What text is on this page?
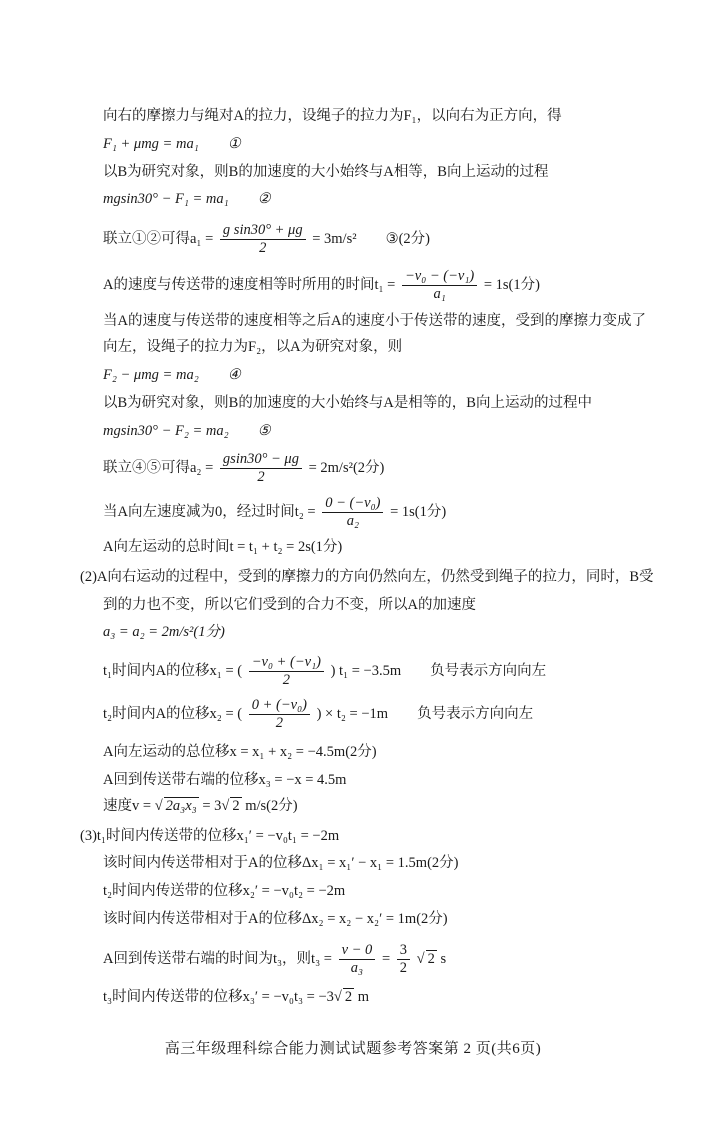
向右的摩擦力与绳对A的拉力，设绳子的拉力为F₁，以向右为正方向，得
F₁ + μmg = ma₁  ①
以B为研究对象，则B的加速度的大小始终与A相等，B向上运动的过程
mgsin30° − F₁ = ma₁  ②
联立①②可得$a_1 = \frac{\text{g sin30° + μg}}{2} = 3m/s^2$  ③(2分)
A的速度与传送带的速度相等时所用的时间$t_1 = \frac{\text{−v₀ − (−v₁)}}{\text{a₁}} = 1s(1$分)
当A的速度与传送带的速度相等之后A的速度小于传送带的速度，受到的摩擦力变成了
向左，设绳子的拉力为F₂，以A为研究对象，则
F₂ − μmg = ma₂  ④
以B为研究对象，则B的加速度的大小始终与A是相等的，B向上运动的过程中
mgsin30° − F₂ = ma₂  ⑤
联立④⑤可得$a_2 = \frac{gsin30^\circ - \mu g}{2} = 2m/s^2(2$分)
当A向左速度减为0，经过时间$t_2 = \frac{\text{0 − (−v₀)}}{\text{a₂}} = 1s(1$分)
A向左运动的总时间t = t₁ + t₂ = 2s(1分)
(2)A向右运动的过程中，受到的摩擦力的方向仍然向左，仍然受到绳子的拉力，同时，B受
到的力也不变，所以它们受到的合力不变，所以A的加速度
a₃ = a₂ = 2m/s²(1分)
t₁时间内A的位移x₁ = ( $\frac{\text{−v₀ + (−v₁)}}{2}$ ) t₁ = −3.5m  负号表示方向向左
t₂时间内A的位移x₂ = ( $\frac{\text{0 + (−v₀)}}{2}$ ) × t₂ = −1m  负号表示方向向左
A向左运动的总位移x = x₁ + x₂ = −4.5m(2分)
A回到传送带右端的位移x₃ = −x = 4.5m
速度v = √ 2a₃x₃ = 3√ 2 m/s(2分)
(3)t₁时间内传送带的位移x₁′ = −v₀t₁ = −2m
该时间内传送带相对于A的位移Δx₁ = x₁′ − x₁ = 1.5m(2分)
t₂时间内传送带的位移x₂′ = −v₀t₂ = −2m
该时间内传送带相对于A的位移Δx₂ = x₂ − x₂′ = 1m(2分)
A回到传送带右端的时间为t₃，则$t_3 = \frac{v - 0}{\text{a₃}} = \frac{3}{2}$ √ 2 s
t₃时间内传送带的位移x₃′ = −v₀t₃ = −3√ 2 m
高三年级理科综合能力测试试题参考答案第 2 页(共6页)
